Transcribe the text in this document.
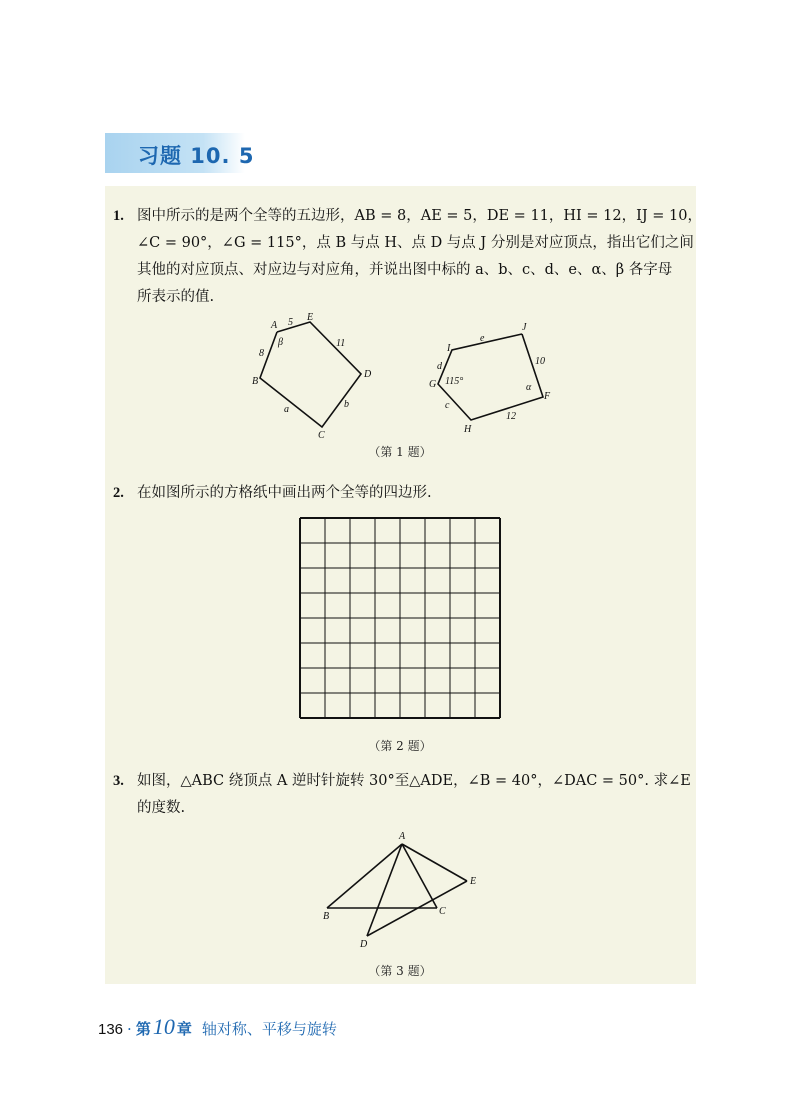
习题 10. 5
1. 图中所示的是两个全等的五边形，AB = 8，AE = 5，DE = 11，HI = 12，IJ = 10，
∠C = 90°，∠G = 115°，点 B 与点 H、点 D 与点 J 分别是对应顶点，指出它们之间
其他的对应顶点、对应边与对应角，并说出图中标的 a、b、c、d、e、α、β 各字母
所表示的值.
A
E
B
D
C
5
11
8
β
a	b
J
F
G
H
I
10
12
e
d
115°
c
α
（第 1 题）
2. 在如图所示的方格纸中画出两个全等的四边形.
（第 2 题）
3. 如图，△ABC 绕顶点 A 逆时针旋转 30°至△ADE，∠B = 40°，∠DAC = 50°. 求∠E
的度数.
A
B	C
D
E
（第 3 题）
136 · 第10 章 轴对称、平移与旋转
